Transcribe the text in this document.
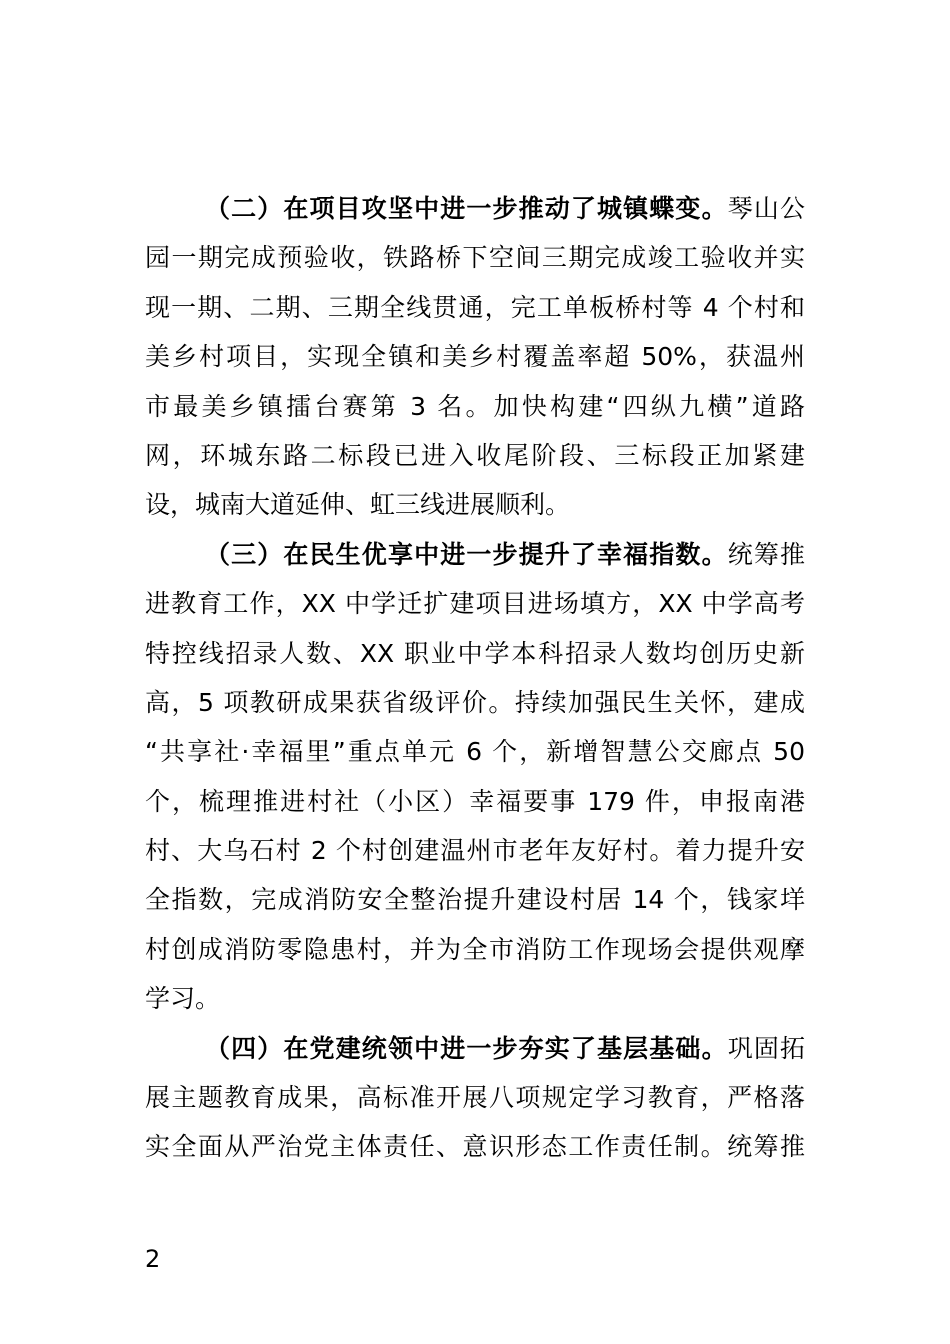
（二）在项目攻坚中进一步推动了城镇蝶变。琴山公
园一期完成预验收，铁路桥下空间三期完成竣工验收并实
现一期、二期、三期全线贯通，完工单板桥村等 4 个村和
美乡村项目，实现全镇和美乡村覆盖率超 50%，获温州
市最美乡镇擂台赛第 3 名。加快构建“四纵九横”道路
网，环城东路二标段已进入收尾阶段、三标段正加紧建
设，城南大道延伸、虹三线进展顺利。
（三）在民生优享中进一步提升了幸福指数。统筹推
进教育工作，XX 中学迁扩建项目进场填方，XX 中学高考
特控线招录人数、XX 职业中学本科招录人数均创历史新
高，5 项教研成果获省级评价。持续加强民生关怀，建成
“共享社·幸福里”重点单元 6 个，新增智慧公交廊点 50
个，梳理推进村社（小区）幸福要事 179 件，申报南港
村、大乌石村 2 个村创建温州市老年友好村。着力提升安
全指数，完成消防安全整治提升建设村居 14 个，钱家垟
村创成消防零隐患村，并为全市消防工作现场会提供观摩
学习。
（四）在党建统领中进一步夯实了基层基础。巩固拓
展主题教育成果，高标准开展八项规定学习教育，严格落
实全面从严治党主体责任、意识形态工作责任制。统筹推
2
